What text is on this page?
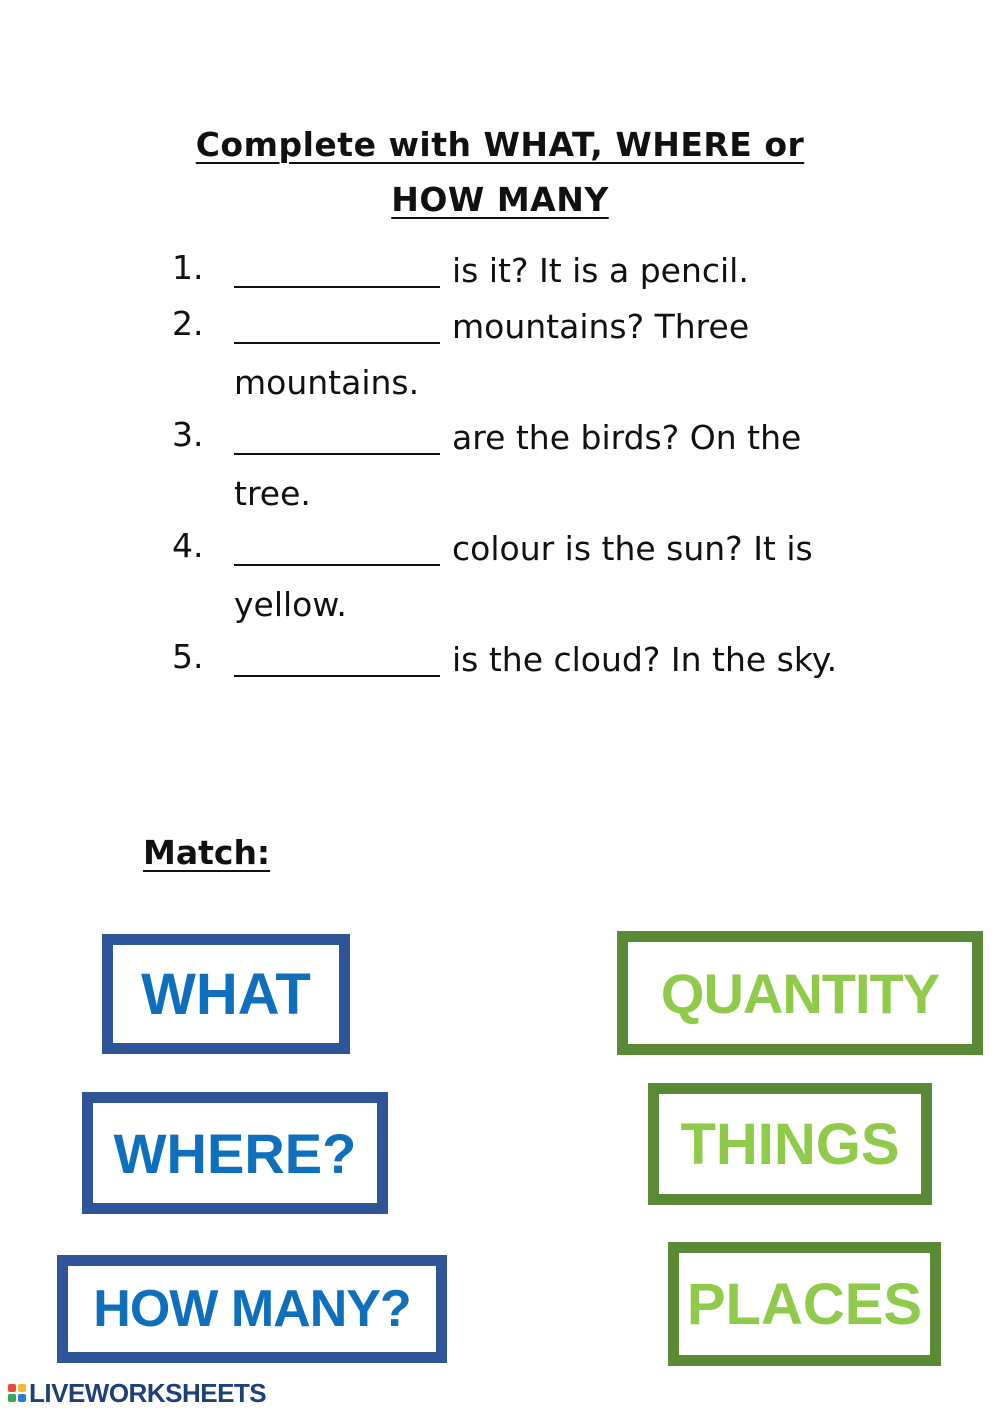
Complete with WHAT, WHERE or
HOW MANY
1.	is it? It is a pencil.
2.	mountains? Three mountains.
3.	are the birds? On the tree.
4.	colour is the sun? It is yellow.
5.	is the cloud? In the sky.
Match:
WHAT
WHERE?
HOW MANY?
QUANTITY
THINGS
PLACES
LIVEWORKSHEETS
